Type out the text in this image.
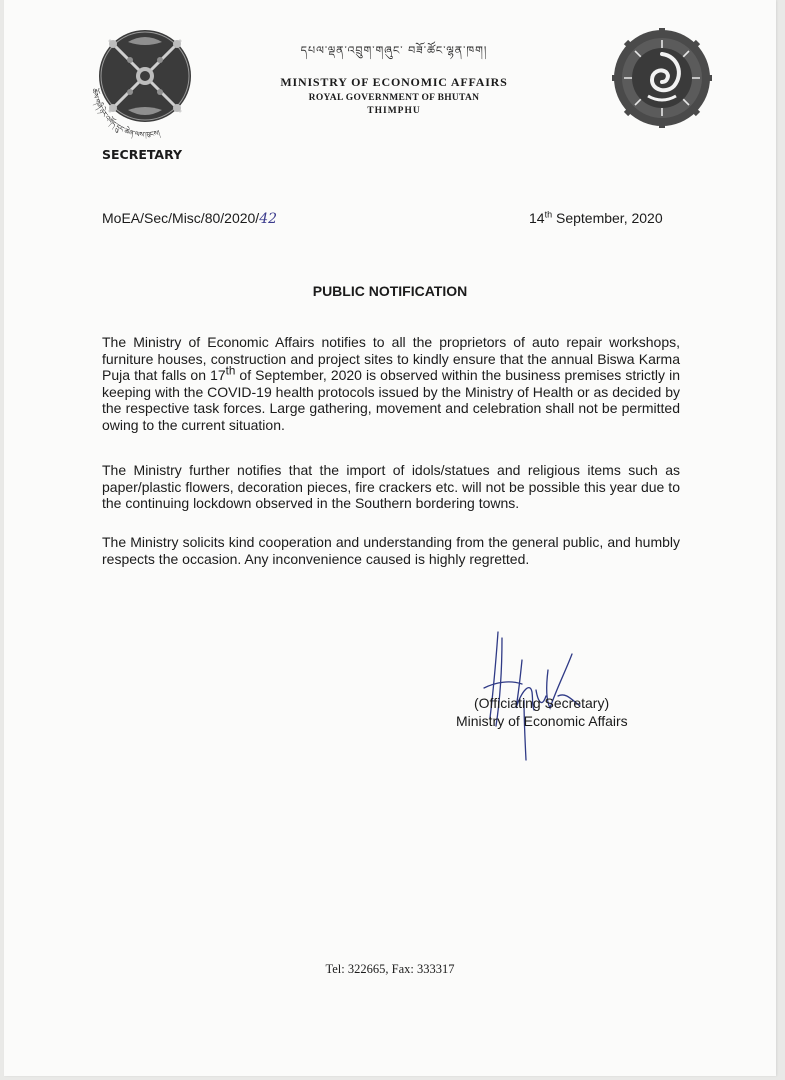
ཆོས་གཞི་ཉེར་འགོད་དྲུང་ཆེན་ལས་ཁུངས།
དཔལ་ལྡན་འབྲུག་གཞུང་ བཟོ་ཚོང་ལྷན་ཁག།
MINISTRY OF ECONOMIC AFFAIRS
ROYAL GOVERNMENT OF BHUTAN
THIMPHU
SECRETARY
MoEA/Sec/Misc/80/2020/42	14th September, 2020
PUBLIC NOTIFICATION
The Ministry of Economic Affairs notifies to all the proprietors of auto repair workshops, furniture houses, construction and project sites to kindly ensure that the annual Biswa Karma Puja that falls on 17th of September, 2020 is observed within the business premises strictly in keeping with the COVID-19 health protocols issued by the Ministry of Health or as decided by the respective task forces. Large gathering, movement and celebration shall not be permitted owing to the current situation.
The Ministry further notifies that the import of idols/statues and religious items such as paper/plastic flowers, decoration pieces, fire crackers etc. will not be possible this year due to the continuing lockdown observed in the Southern bordering towns.
The Ministry solicits kind cooperation and understanding from the general public, and humbly respects the occasion. Any inconvenience caused is highly regretted.
(Officiating Secretary)
Ministry of Economic Affairs
Tel: 322665, Fax: 333317
